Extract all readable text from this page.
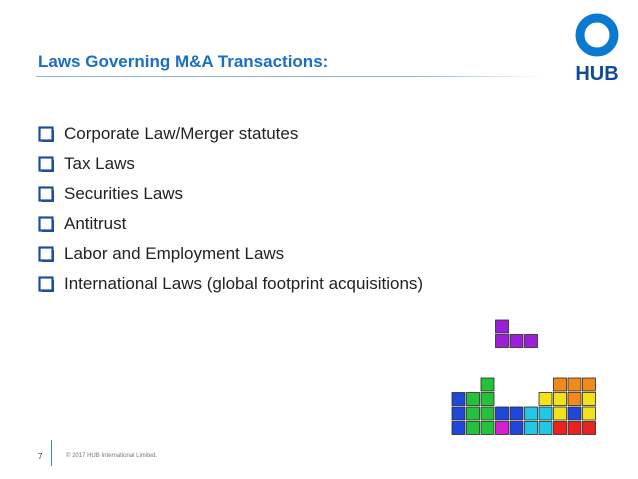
Laws Governing M&A Transactions:
HUB
Corporate Law/Merger statutes
Tax Laws
Securities Laws
Antitrust
Labor and Employment Laws
International Laws (global footprint acquisitions)
7	© 2017 HUB International Limited.
